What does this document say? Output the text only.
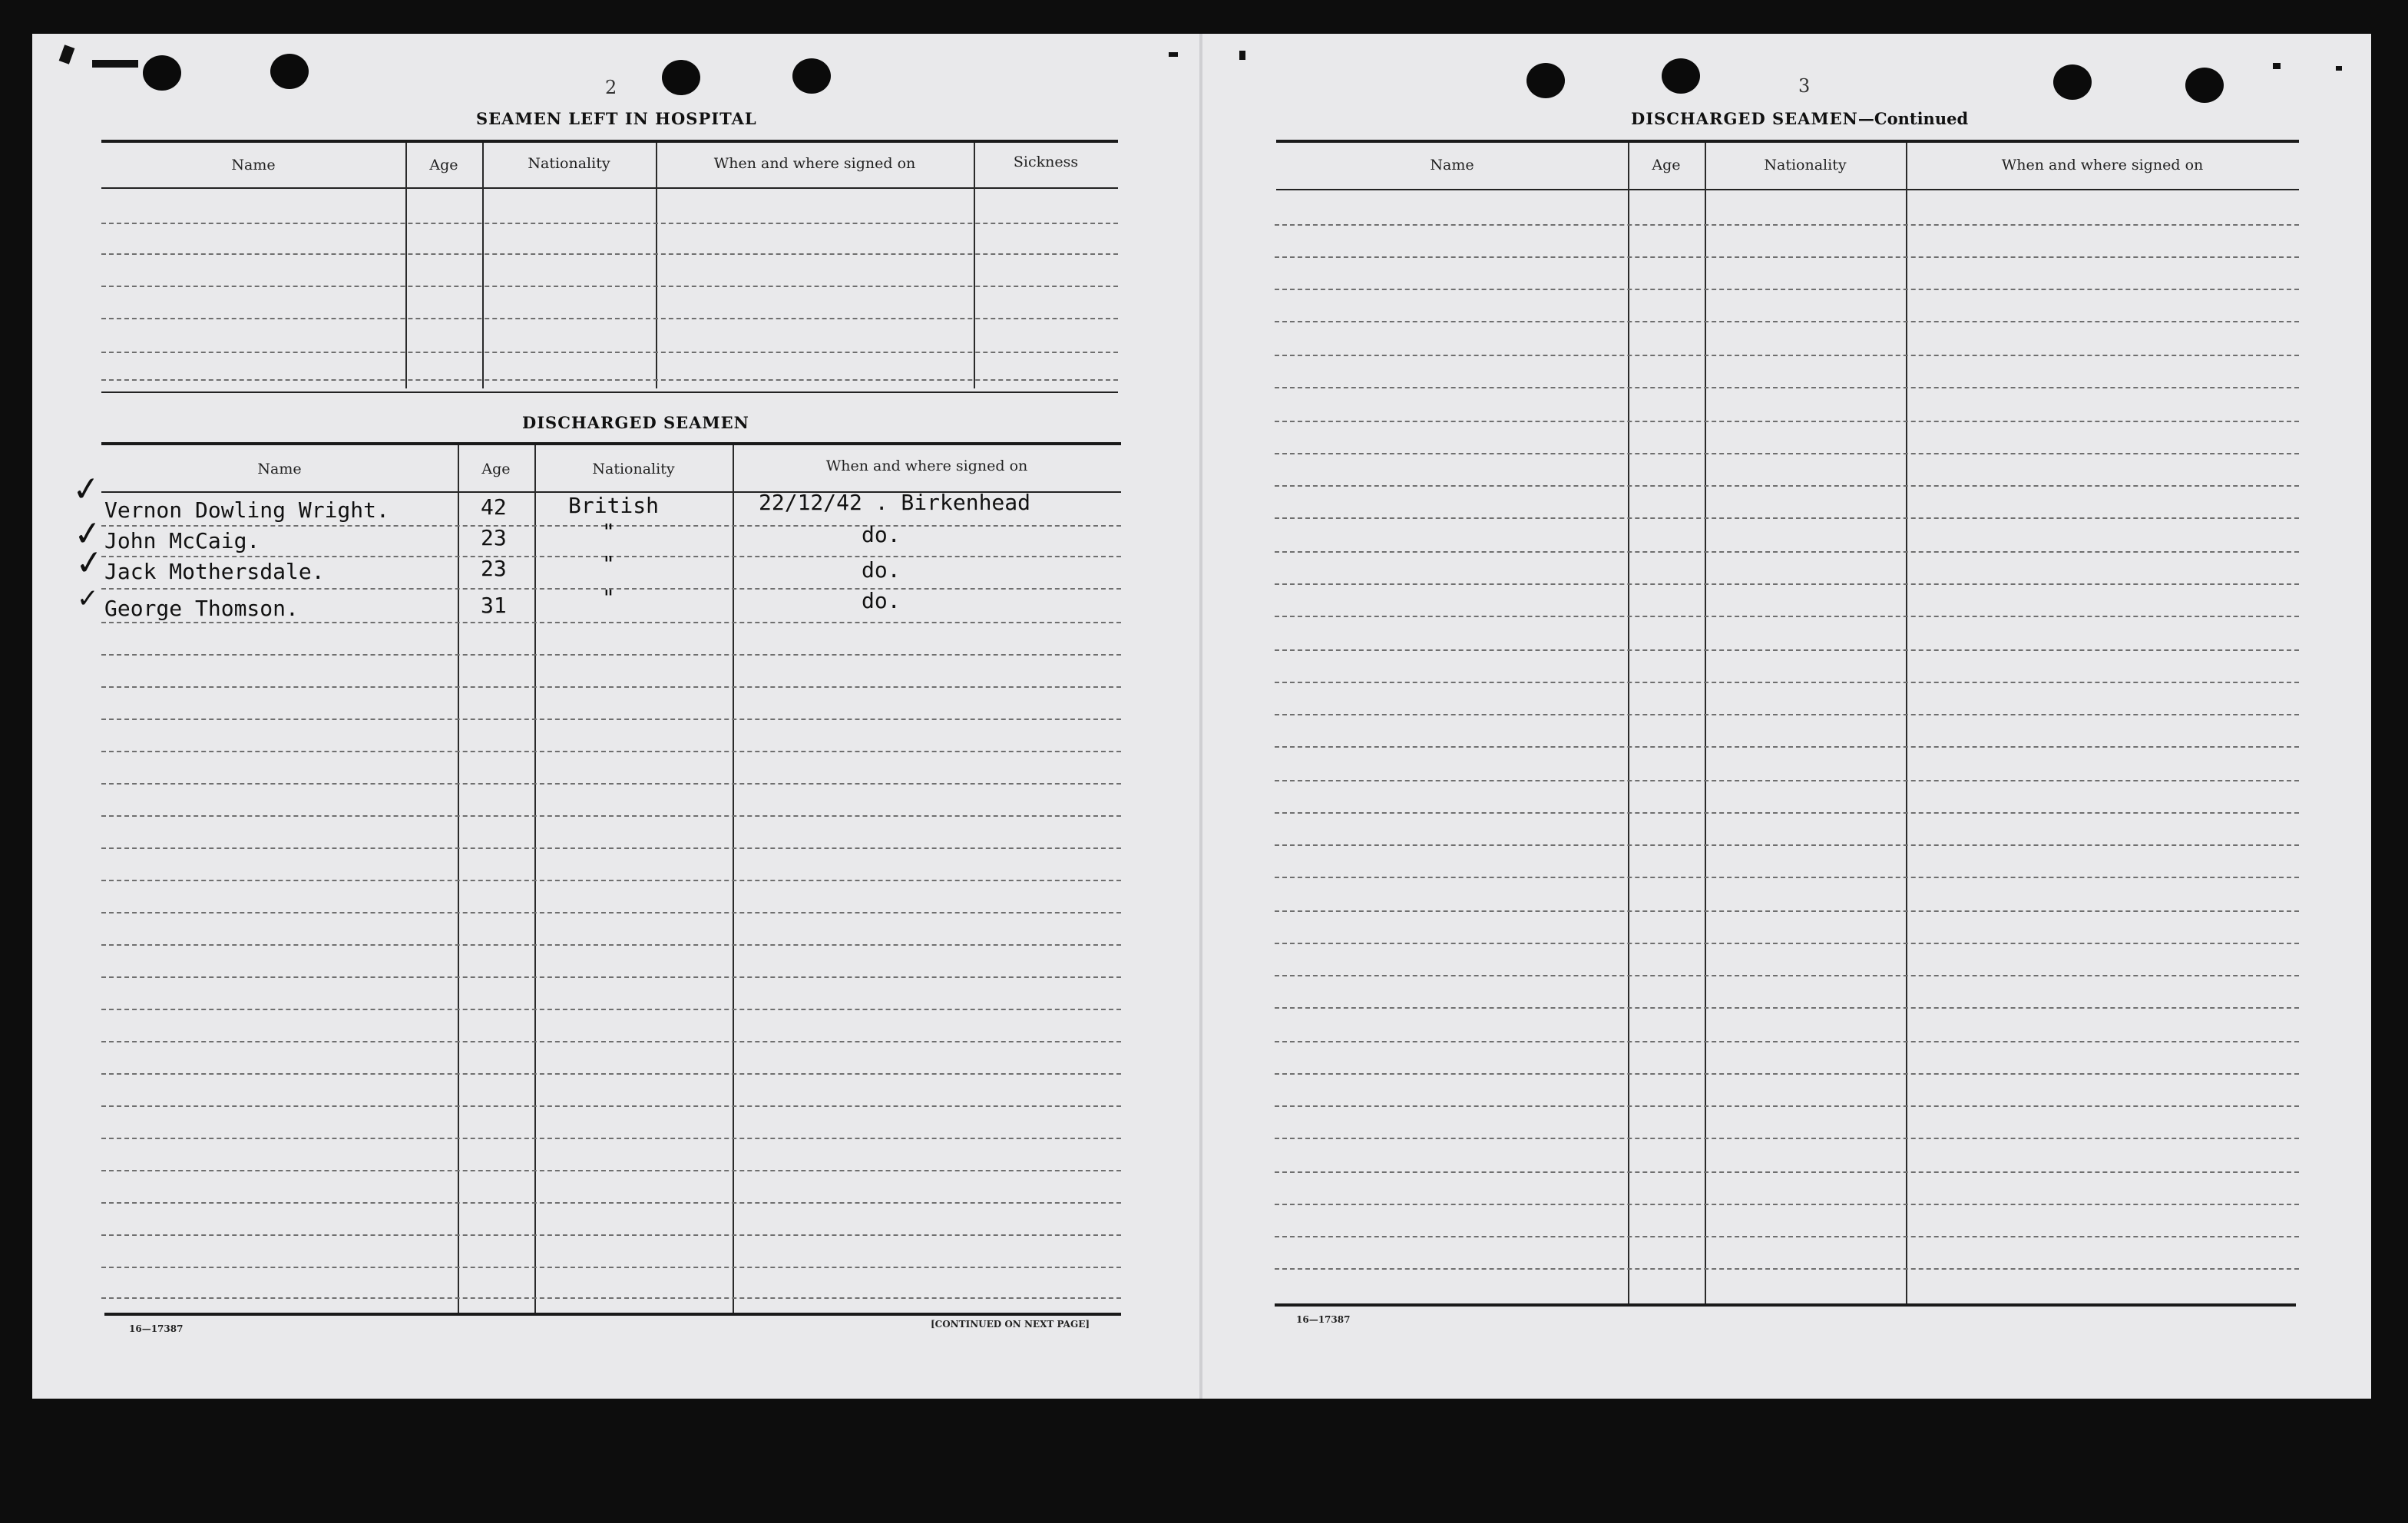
2
SEAMEN LEFT IN HOSPITAL
Name	Age	Nationality	When and where signed on	Sickness
DISCHARGED SEAMEN
Name	Age	Nationality	When and where signed on
✓
✓
✓
✓
Vernon Dowling Wright.	42	British	22/12/42 . Birkenhead
John McCaig.	23	"	do.
Jack Mothersdale.	23	"	do.
George Thomson.	31	"	do.
16—17387	[CONTINUED ON NEXT PAGE]
3
DISCHARGED SEAMEN—Continued
Name	Age	Nationality	When and where signed on
16—17387
